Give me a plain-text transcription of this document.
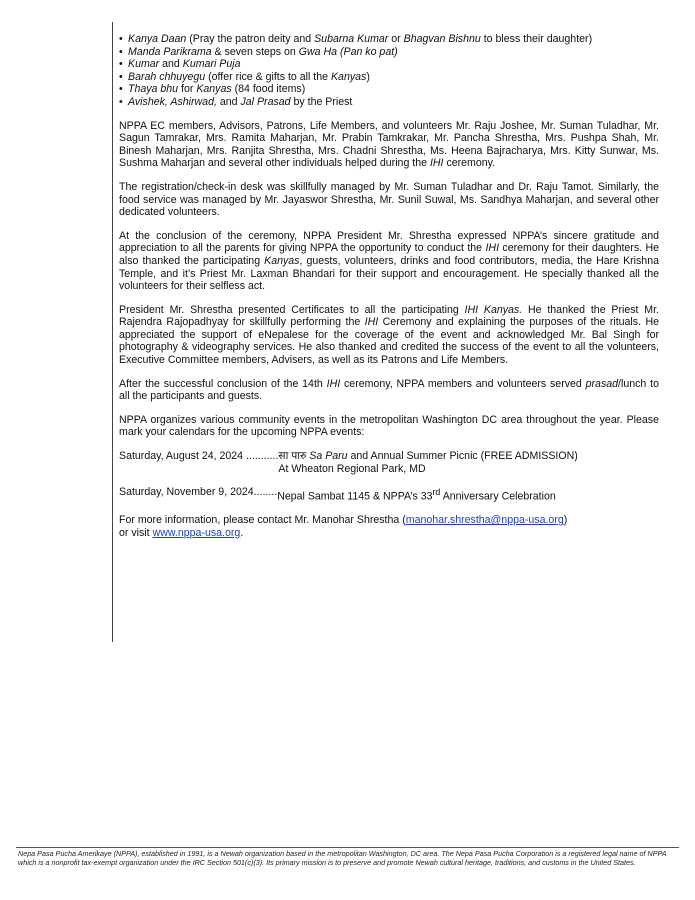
• Kanya Daan (Pray the patron deity and Subarna Kumar or Bhagvan Bishnu to bless their daughter)
• Manda Parikrama & seven steps on Gwa Ha (Pan ko pat)
• Kumar and Kumari Puja
• Barah chhuyegu (offer rice & gifts to all the Kanyas)
• Thaya bhu for Kanyas (84 food items)
• Avishek, Ashirwad, and Jal Prasad by the Priest

NPPA EC members, Advisors, Patrons, Life Members, and volunteers Mr. Raju Joshee, Mr. Suman Tuladhar, Mr. Sagun Tamrakar, Mrs. Ramita Maharjan, Mr. Prabin Tamkrakar, Mr. Pancha Shrestha, Mrs. Pushpa Shah, Mr. Binesh Maharjan, Mrs. Ranjita Shrestha, Mrs. Chadni Shrestha, Ms. Heena Bajracharya, Mrs. Kitty Sunwar, Ms. Sushma Maharjan and several other individuals helped during the IHI ceremony.

The registration/check-in desk was skillfully managed by Mr. Suman Tuladhar and Dr. Raju Tamot. Similarly, the food service was managed by Mr. Jayaswor Shrestha, Mr. Sunil Suwal, Ms. Sandhya Maharjan, and several other dedicated volunteers.

At the conclusion of the ceremony, NPPA President Mr. Shrestha expressed NPPA’s sincere gratitude and appreciation to all the parents for giving NPPA the opportunity to conduct the IHI ceremony for their daughters. He also thanked the participating Kanyas, guests, volunteers, drinks and food contributors, media, the Hare Krishna Temple, and it’s Priest Mr. Laxman Bhandari for their support and encouragement. He specially thanked all the volunteers for their selfless act.

President Mr. Shrestha presented Certificates to all the participating IHI Kanyas. He thanked the Priest Mr. Rajendra Rajopadhyay for skillfully performing the IHI Ceremony and explaining the purposes of the rituals. He appreciated the support of eNepalese for the coverage of the event and acknowledged Mr. Bal Singh for photography & videography services. He also thanked and credited the success of the event to all the volunteers, Executive Committee members, Advisers, as well as its Patrons and Life Members.

After the successful conclusion of the 14th IHI ceremony, NPPA members and volunteers served prasad/lunch to all the participants and guests.

NPPA organizes various community events in the metropolitan Washington DC area throughout the year. Please mark your calendars for the upcoming NPPA events:

Saturday, August 24, 2024 ........... सा पारु Sa Paru and Annual Summer Picnic (FREE ADMISSION)
At Wheaton Regional Park, MD
Saturday, November 9, 2024........ Nepal Sambat 1145 & NPPA’s 33rd Anniversary Celebration

For more information, please contact Mr. Manohar Shrestha (manohar.shrestha@nppa-usa.org)
or visit www.nppa-usa.org.

Nepa Pasa Pucha Amerikaye (NPPA), established in 1991, is a Newah organization based in the metropolitan Washington, DC area. The Nepa Pasa Pucha Corporation is a registered legal name of NPPA which is a nonprofit tax-exempt organization under the IRC Section 501(c)(3). Its primary mission is to preserve and promote Newah cultural heritage, traditions, and customs in the United States.
